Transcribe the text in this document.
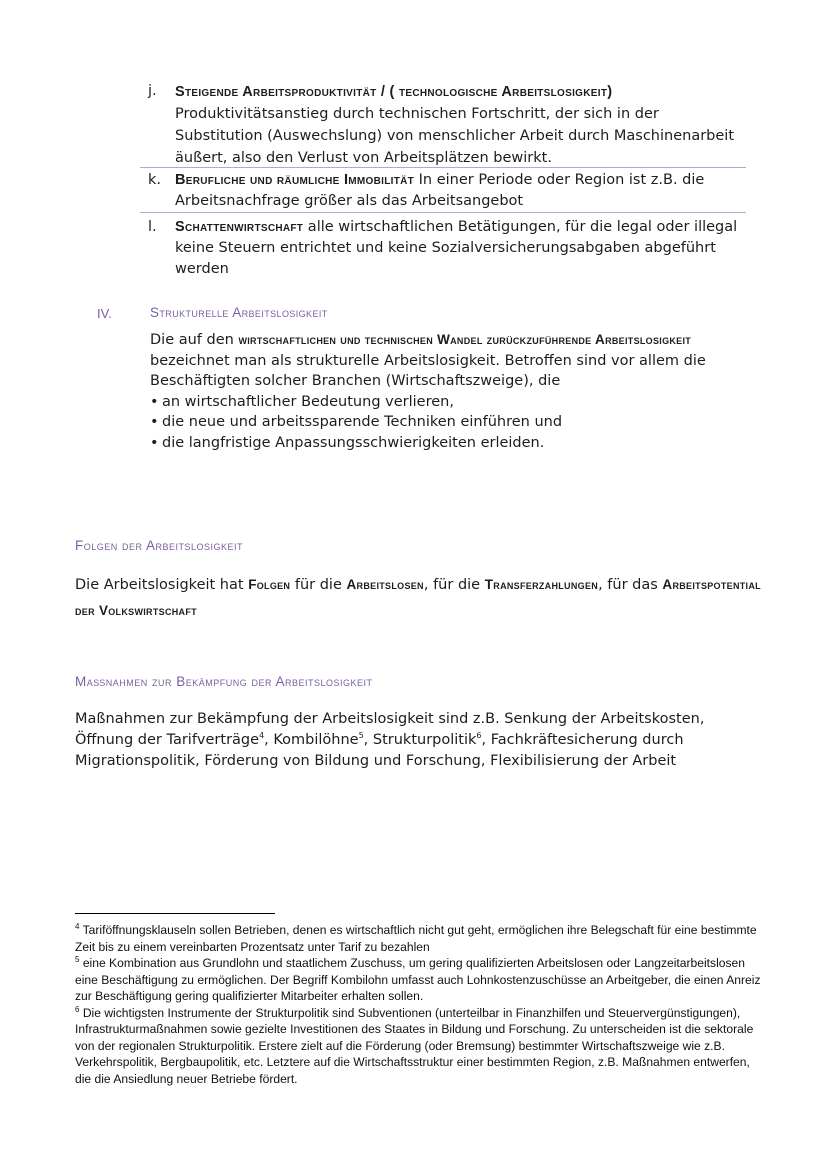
j.	Steigende Arbeitsproduktivität / ( technologische Arbeitslosigkeit) Produktivitätsanstieg durch technischen Fortschritt, der sich in der Substitution (Auswechslung) von menschlicher Arbeit durch Maschinenarbeit äußert, also den Verlust von Arbeitsplätzen bewirkt.
k. Berufliche und räumliche Immobilität In einer Periode oder Region ist z.B. die Arbeitsnachfrage größer als das Arbeitsangebot
l.	Schattenwirtschaft alle wirtschaftlichen Betätigungen, für die legal oder illegal keine Steuern entrichtet und keine Sozialversicherungsabgaben abgeführt werden
IV.	Strukturelle Arbeitslosigkeit
Die auf den wirtschaftlichen und technischen Wandel zurückzuführende Arbeitslosigkeit
bezeichnet man als strukturelle Arbeitslosigkeit. Betroffen sind vor allem die Beschäftigten solcher Branchen (Wirtschaftszweige), die
• an wirtschaftlicher Bedeutung verlieren,
• die neue und arbeitssparende Techniken einführen und
• die langfristige Anpassungsschwierigkeiten erleiden.
Folgen der Arbeitslosigkeit
Die Arbeitslosigkeit hat Folgen für die Arbeitslosen, für die Transferzahlungen, für das Arbeitspotential der Volkswirtschaft
Maßnahmen zur Bekämpfung der Arbeitslosigkeit
Maßnahmen zur Bekämpfung der Arbeitslosigkeit sind z.B. Senkung der Arbeitskosten, Öffnung der Tarifverträge$^4$, Kombilöhne$^5$, Strukturpolitik$^6$, Fachkräftesicherung durch Migrationspolitik, Förderung von Bildung und Forschung, Flexibilisierung der Arbeit

$^4$ Tariföffnungsklauseln sollen Betrieben, denen es wirtschaftlich nicht gut geht, ermöglichen ihre Belegschaft für eine bestimmte Zeit bis zu einem vereinbarten Prozentsatz unter Tarif zu bezahlen

$^5$ eine Kombination aus Grundlohn und staatlichem Zuschuss, um gering qualifizierten Arbeitslosen oder Langzeitarbeitslosen eine Beschäftigung zu ermöglichen. Der Begriff Kombilohn umfasst auch Lohnkostenzuschüsse an Arbeitgeber, die einen Anreiz zur Beschäftigung gering qualifizierter Mitarbeiter erhalten sollen.

$^6$ Die wichtigsten Instrumente der Strukturpolitik sind Subventionen (unterteilbar in Finanzhilfen und Steuervergünstigungen), Infrastrukturmaßnahmen sowie gezielte Investitionen des Staates in Bildung und Forschung. Zu unterscheiden ist die sektorale von der regionalen Strukturpolitik. Erstere zielt auf die Förderung (oder Bremsung) bestimmter Wirtschaftszweige wie z.B. Verkehrspolitik, Bergbaupolitik, etc. Letztere auf die Wirtschaftsstruktur einer bestimmten Region, z.B. Maßnahmen entwerfen, die die Ansiedlung neuer Betriebe fördert.
